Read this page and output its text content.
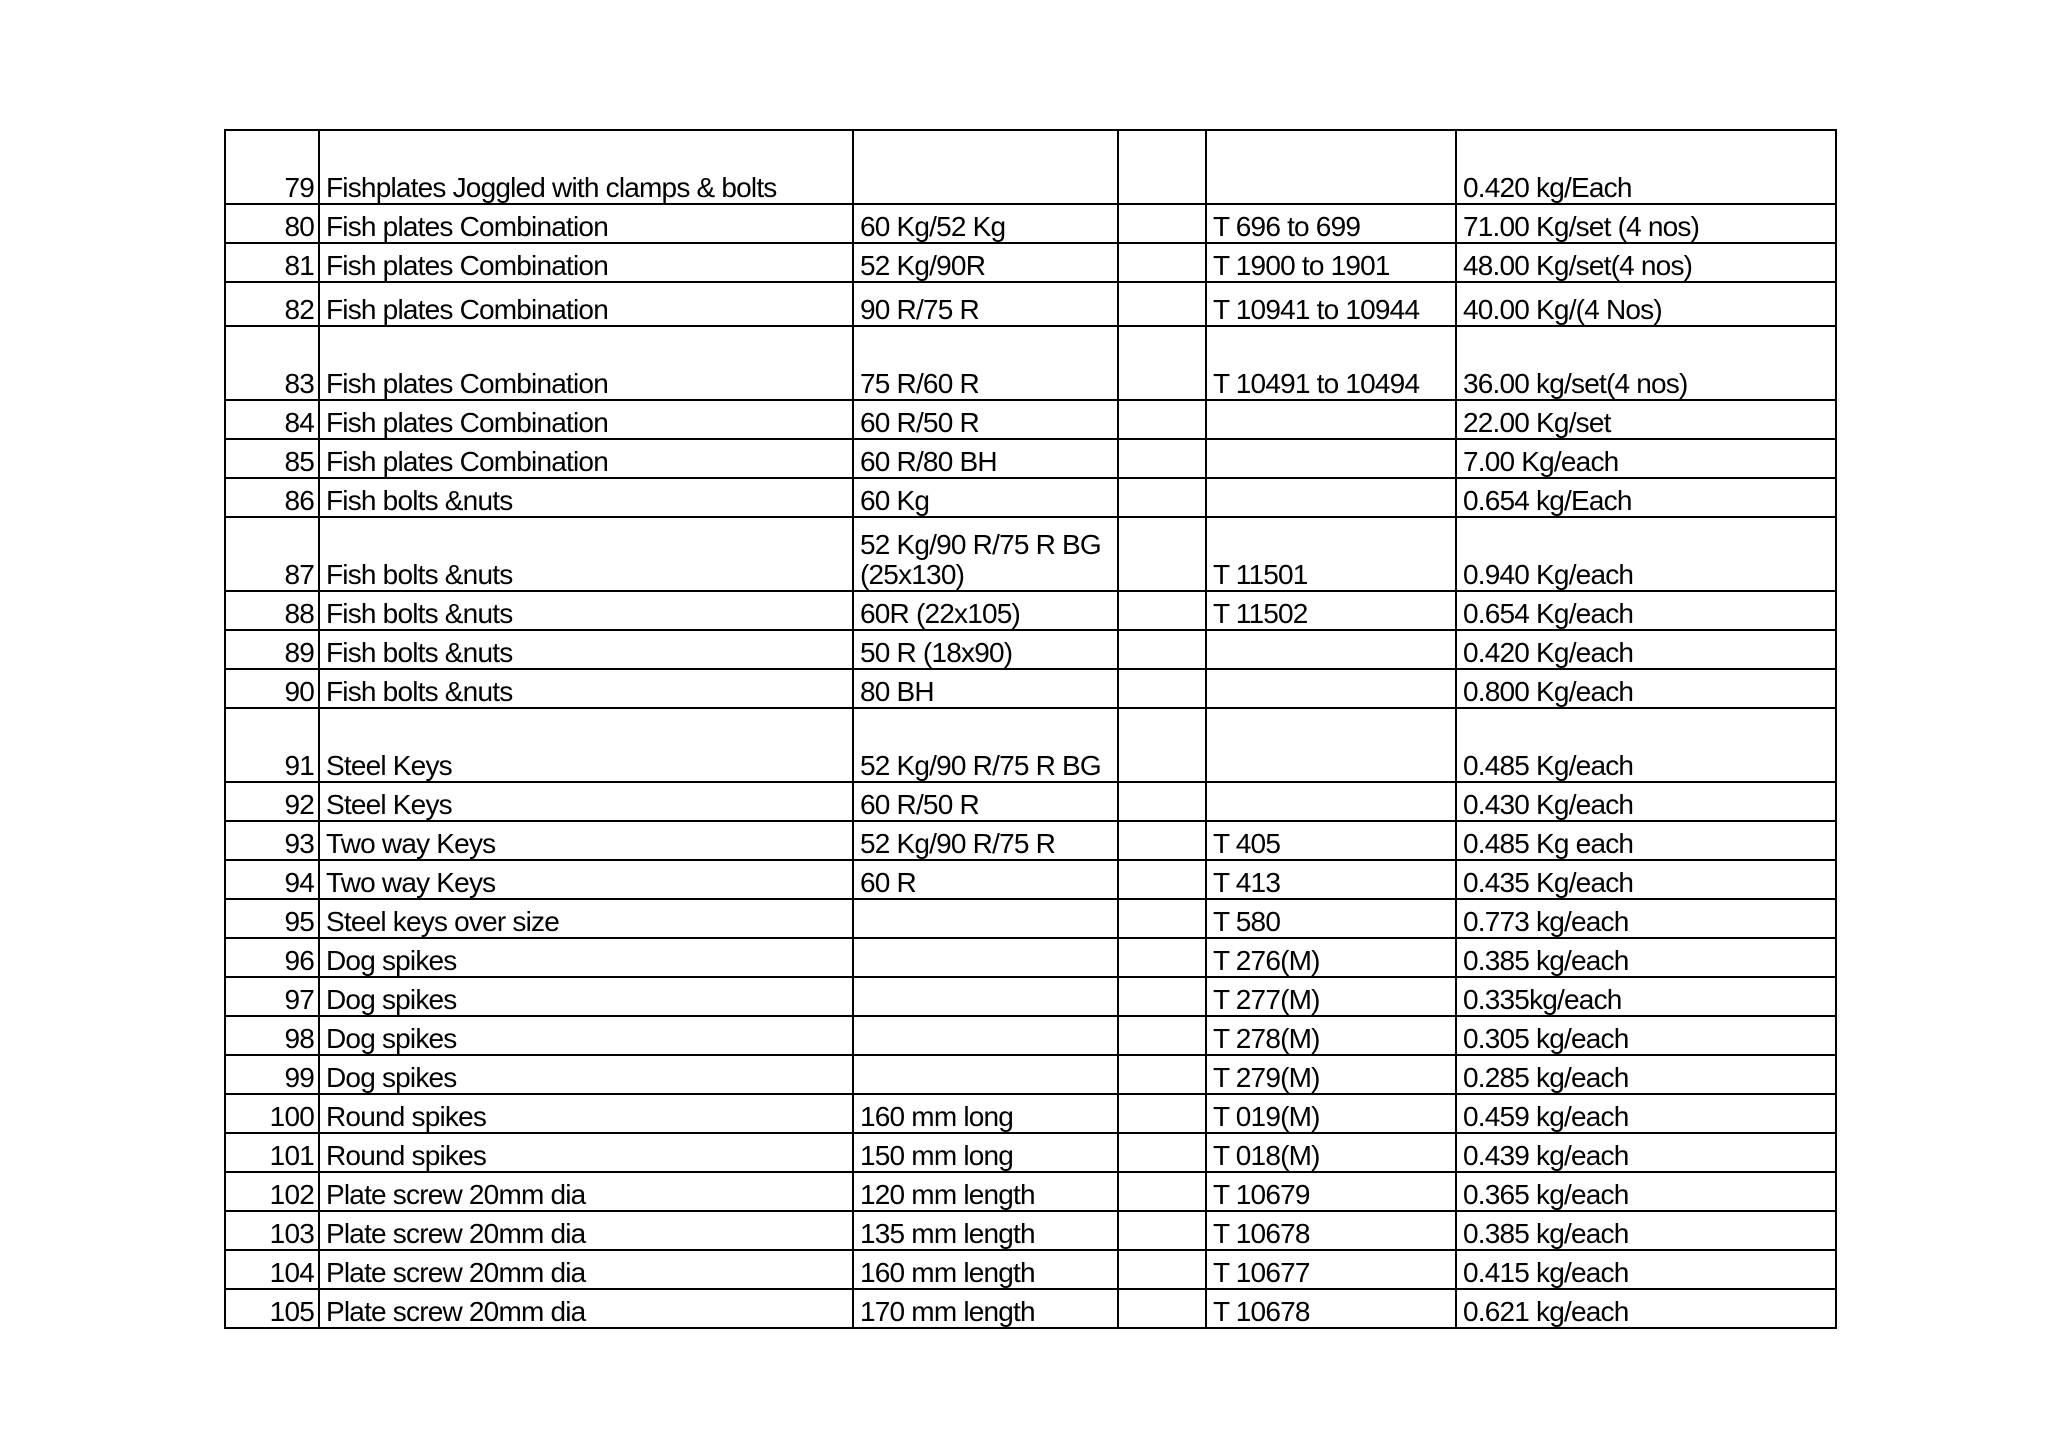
79	Fishplates Joggled with clamps & bolts				0.420 kg/Each
80	Fish plates Combination	60 Kg/52 Kg		T 696 to 699	71.00 Kg/set (4 nos)
81	Fish plates Combination	52 Kg/90R		T 1900 to 1901	48.00 Kg/set(4 nos)
82	Fish plates Combination	90 R/75 R		T 10941 to 10944	40.00 Kg/(4 Nos)
83	Fish plates Combination	75 R/60 R		T 10491 to 10494	36.00 kg/set(4 nos)
84	Fish plates Combination	60 R/50 R			22.00 Kg/set
85	Fish plates Combination	60 R/80 BH			7.00 Kg/each
86	Fish bolts &nuts	60 Kg			0.654 kg/Each
87	Fish bolts &nuts	52 Kg/90 R/75 R BG (25x130)		T 11501	0.940 Kg/each
88	Fish bolts &nuts	60R (22x105)		T 11502	0.654 Kg/each
89	Fish bolts &nuts	50 R (18x90)			0.420 Kg/each
90	Fish bolts &nuts	80 BH			0.800 Kg/each
91	Steel Keys	52 Kg/90 R/75 R BG			0.485 Kg/each
92	Steel Keys	60 R/50 R			0.430 Kg/each
93	Two way Keys	52 Kg/90 R/75 R		T 405	0.485 Kg each
94	Two way Keys	60 R		T 413	0.435 Kg/each
95	Steel keys over size			T 580	0.773 kg/each
96	Dog spikes			T 276(M)	0.385 kg/each
97	Dog spikes			T 277(M)	0.335kg/each
98	Dog spikes			T 278(M)	0.305 kg/each
99	Dog spikes			T 279(M)	0.285 kg/each
100	Round spikes	160 mm long		T 019(M)	0.459 kg/each
101	Round spikes	150 mm long		T 018(M)	0.439 kg/each
102	Plate screw 20mm dia	120 mm length		T 10679	0.365 kg/each
103	Plate screw 20mm dia	135 mm length		T 10678	0.385 kg/each
104	Plate screw 20mm dia	160 mm length		T 10677	0.415 kg/each
105	Plate screw 20mm dia	170 mm length		T 10678	0.621 kg/each
